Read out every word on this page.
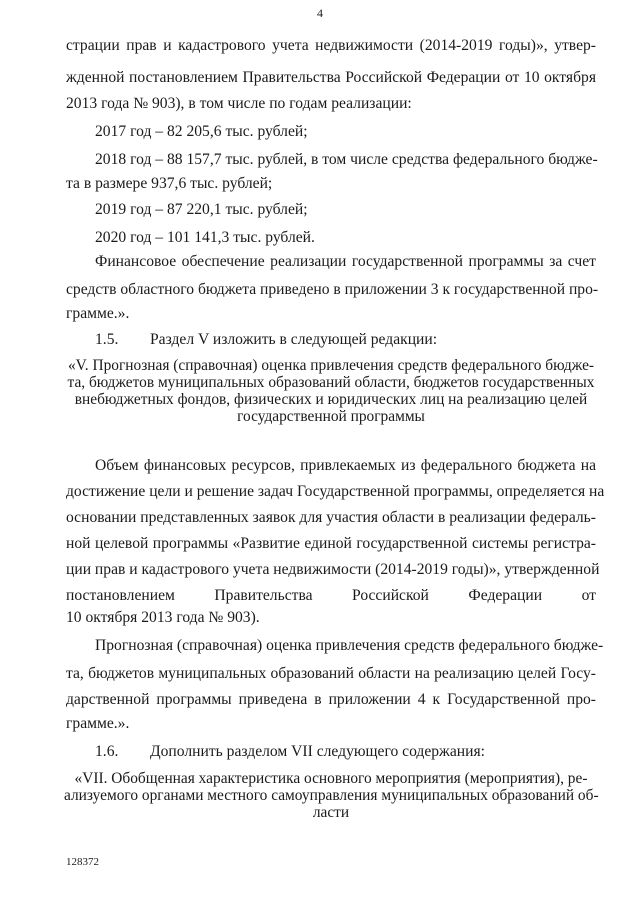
4
страции прав и кадастрового учета недвижимости (2014-2019 годы)», утвер-
жденной постановлением Правительства Российской Федерации от 10 октября
2013 года № 903), в том числе по годам реализации:
2017 год – 82 205,6 тыс. рублей;
2018 год – 88 157,7 тыс. рублей, в том числе средства федерального бюдже-
та в размере 937,6 тыс. рублей;
2019 год – 87 220,1 тыс. рублей;
2020 год – 101 141,3 тыс. рублей.
Финансовое обеспечение реализации государственной программы за счет
средств областного бюджета приведено в приложении 3 к государственной про-
грамме.».
1.5. Раздел V изложить в следующей редакции:
«V. Прогнозная (справочная) оценка привлечения средств федерального бюдже-
та, бюджетов муниципальных образований области, бюджетов государственных
внебюджетных фондов, физических и юридических лиц на реализацию целей
государственной программы
Объем финансовых ресурсов, привлекаемых из федерального бюджета на
достижение цели и решение задач Государственной программы, определяется на
основании представленных заявок для участия области в реализации федераль-
ной целевой программы «Развитие единой государственной системы регистра-
ции прав и кадастрового учета недвижимости (2014-2019 годы)», утвержденной
постановлением Правительства Российской Федерации от
10 октября 2013 года № 903).
Прогнозная (справочная) оценка привлечения средств федерального бюдже-
та, бюджетов муниципальных образований области на реализацию целей Госу-
дарственной программы приведена в приложении 4 к Государственной про-
грамме.».
1.6. Дополнить разделом VII следующего содержания:
«VII. Обобщенная характеристика основного мероприятия (мероприятия), ре-
ализуемого органами местного самоуправления муниципальных образований об-
ласти
128372
